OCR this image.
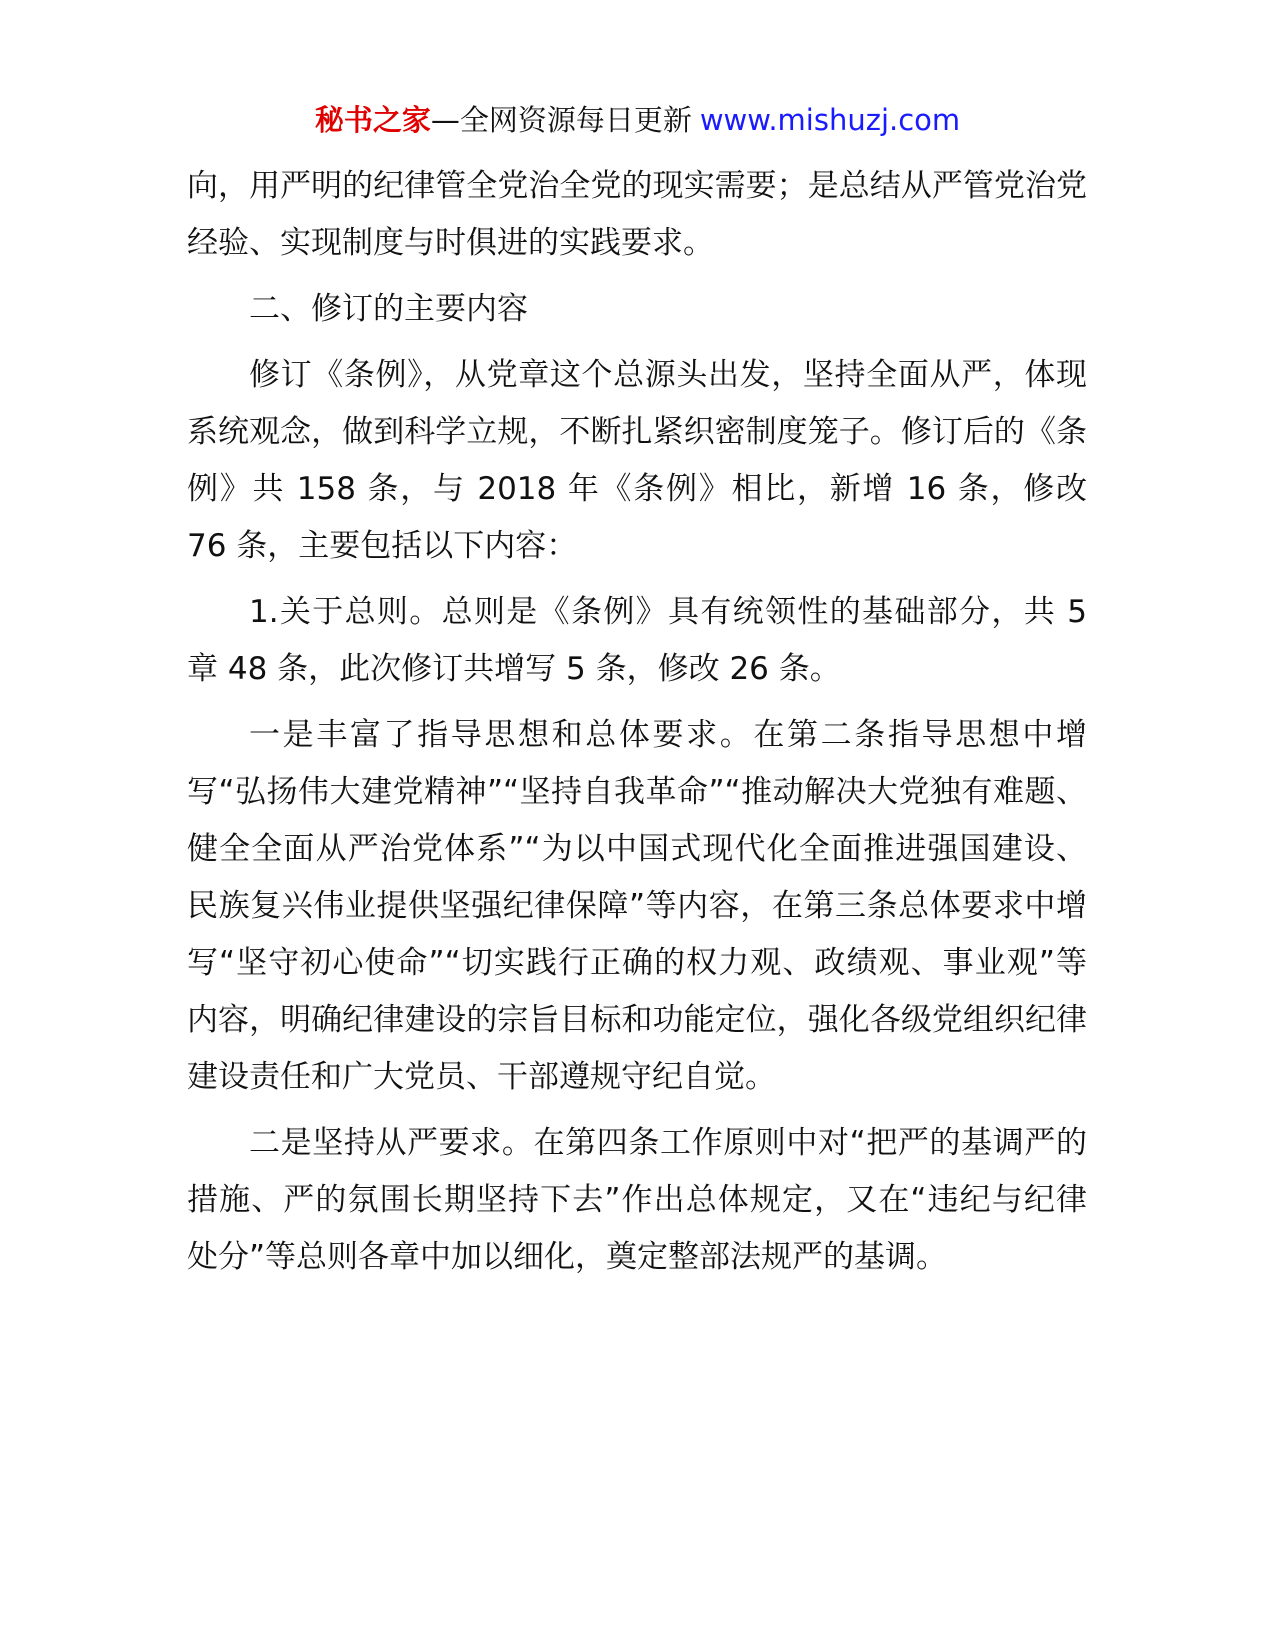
秘书之家—全网资源每日更新 www.mishuzj.com

向，用严明的纪律管全党治全党的现实需要；是总结从严管党治党经验、实现制度与时俱进的实践要求。

二、修订的主要内容

修订《条例》，从党章这个总源头出发，坚持全面从严，体现系统观念，做到科学立规，不断扎紧织密制度笼子。修订后的《条例》共 158 条，与 2018 年《条例》相比，新增 16 条，修改 76 条，主要包括以下内容：

1.关于总则。总则是《条例》具有统领性的基础部分，共 5 章 48 条，此次修订共增写 5 条，修改 26 条。

一是丰富了指导思想和总体要求。在第二条指导思想中增写“弘扬伟大建党精神”“坚持自我革命”“推动解决大党独有难题、健全全面从严治党体系”“为以中国式现代化全面推进强国建设、民族复兴伟业提供坚强纪律保障”等内容，在第三条总体要求中增写“坚守初心使命”“切实践行正确的权力观、政绩观、事业观”等内容，明确纪律建设的宗旨目标和功能定位，强化各级党组织纪律建设责任和广大党员、干部遵规守纪自觉。

二是坚持从严要求。在第四条工作原则中对“把严的基调严的措施、严的氛围长期坚持下去”作出总体规定，又在“违纪与纪律处分”等总则各章中加以细化，奠定整部法规严的基调。
